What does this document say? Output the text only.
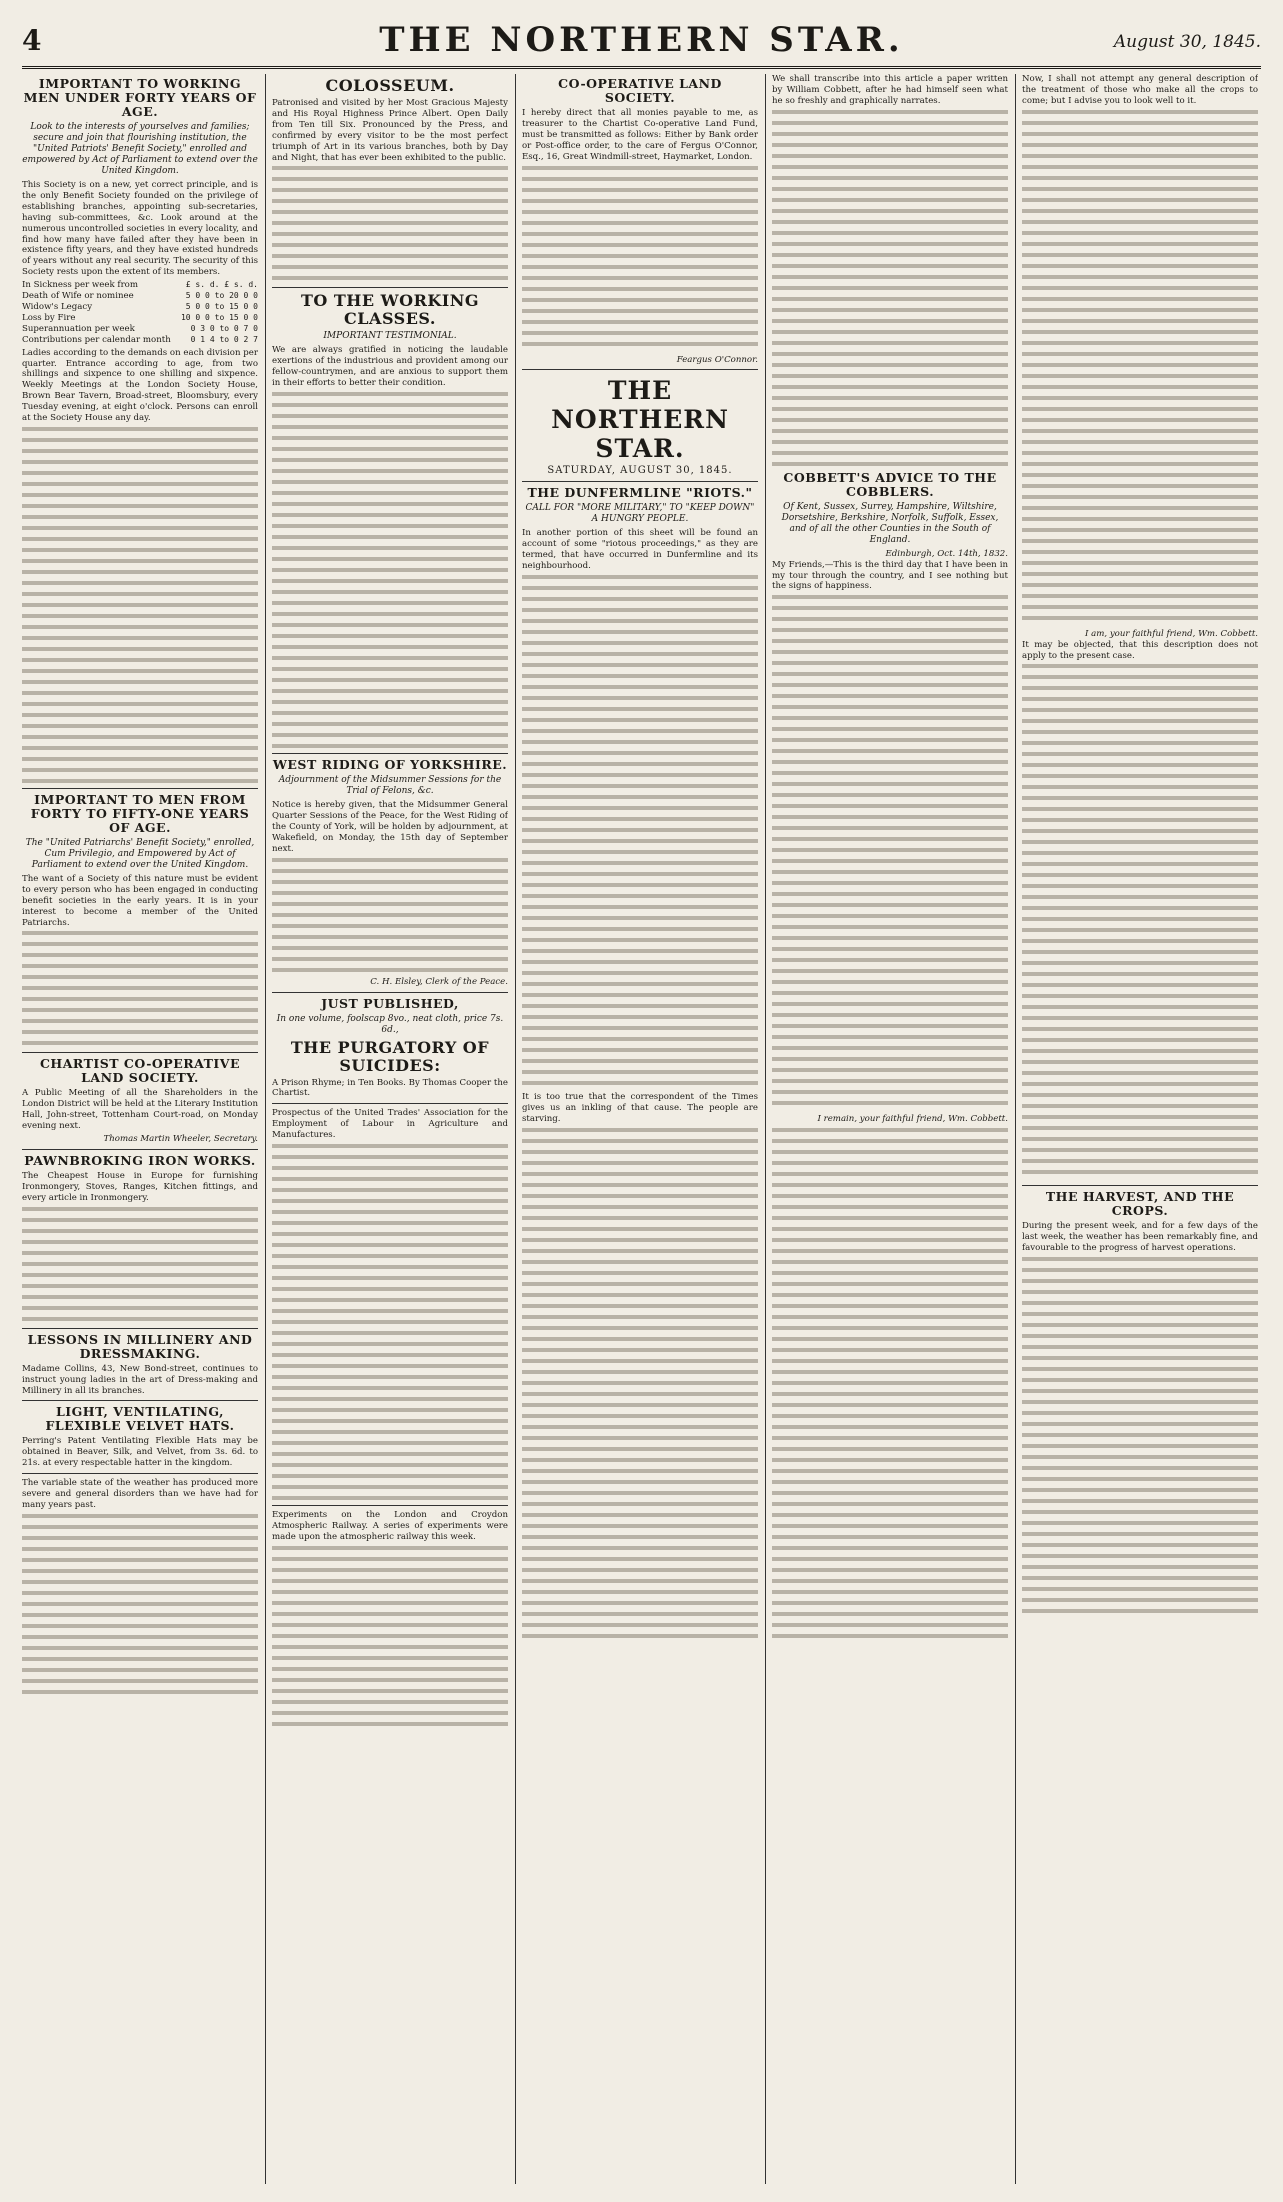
4	THE NORTHERN STAR.	August 30, 1845.
IMPORTANT TO WORKING MEN UNDER FORTY YEARS OF AGE.
Look to the interests of yourselves and families; secure and join that flourishing institution, the "United Patriots' Benefit Society," enrolled and empowered by Act of Parliament to extend over the United Kingdom.
This Society is on a new, yet correct principle, and is the only Benefit Society founded on the privilege of establishing branches, appointing sub-secretaries, having sub-committees, &c. Look around at the numerous uncontrolled societies in every locality, and find how many have failed after they have been in existence fifty years, and they have existed hundreds of years without any real security. The security of this Society rests upon the extent of its members.
In Sickness per week from	£ s. d. £ s. d.
Death of Wife or nominee	5 0 0 to 20 0 0
Widow's Legacy	5 0 0 to 15 0 0
Loss by Fire	10 0 0 to 15 0 0
Superannuation per week	0 3 0 to 0 7 0
Contributions per calendar month	0 1 4 to 0 2 7
Ladies according to the demands on each division per quarter. Entrance according to age, from two shillings and sixpence to one shilling and sixpence. Weekly Meetings at the London Society House, Brown Bear Tavern, Broad-street, Bloomsbury, every Tuesday evening, at eight o'clock. Persons can enroll at the Society House any day.
IMPORTANT TO MEN FROM FORTY TO FIFTY-ONE YEARS OF AGE.
The "United Patriarchs' Benefit Society," enrolled, Cum Privilegio, and Empowered by Act of Parliament to extend over the United Kingdom.
The want of a Society of this nature must be evident to every person who has been engaged in conducting benefit societies in the early years. It is in your interest to become a member of the United Patriarchs.
CHARTIST CO-OPERATIVE LAND SOCIETY.
A Public Meeting of all the Shareholders in the London District will be held at the Literary Institution Hall, John-street, Tottenham Court-road, on Monday evening next.
Thomas Martin Wheeler, Secretary.
PAWNBROKING IRON WORKS.
The Cheapest House in Europe for furnishing Ironmongery, Stoves, Ranges, Kitchen fittings, and every article in Ironmongery.
LESSONS IN MILLINERY AND DRESSMAKING.
Madame Collins, 43, New Bond-street, continues to instruct young ladies in the art of Dress-making and Millinery in all its branches.
LIGHT, VENTILATING, FLEXIBLE VELVET HATS.
Perring's Patent Ventilating Flexible Hats may be obtained in Beaver, Silk, and Velvet, from 3s. 6d. to 21s. at every respectable hatter in the kingdom.
The variable state of the weather has produced more severe and general disorders than we have had for many years past.
COLOSSEUM.
Patronised and visited by her Most Gracious Majesty and His Royal Highness Prince Albert. Open Daily from Ten till Six. Pronounced by the Press, and confirmed by every visitor to be the most perfect triumph of Art in its various branches, both by Day and Night, that has ever been exhibited to the public.
TO THE WORKING CLASSES.
IMPORTANT TESTIMONIAL.
We are always gratified in noticing the laudable exertions of the industrious and provident among our fellow-countrymen, and are anxious to support them in their efforts to better their condition.
WEST RIDING OF YORKSHIRE.
Adjournment of the Midsummer Sessions for the Trial of Felons, &c.
Notice is hereby given, that the Midsummer General Quarter Sessions of the Peace, for the West Riding of the County of York, will be holden by adjournment, at Wakefield, on Monday, the 15th day of September next.
C. H. Elsley, Clerk of the Peace.
JUST PUBLISHED,
In one volume, foolscap 8vo., neat cloth, price 7s. 6d.,
THE PURGATORY OF SUICIDES:
A Prison Rhyme; in Ten Books. By Thomas Cooper the Chartist.
Prospectus of the United Trades' Association for the Employment of Labour in Agriculture and Manufactures.
Experiments on the London and Croydon Atmospheric Railway. A series of experiments were made upon the atmospheric railway this week.
CO-OPERATIVE LAND SOCIETY.
I hereby direct that all monies payable to me, as treasurer to the Chartist Co-operative Land Fund, must be transmitted as follows: Either by Bank order or Post-office order, to the care of Fergus O'Connor, Esq., 16, Great Windmill-street, Haymarket, London.
Feargus O'Connor.
THE NORTHERN STAR.
SATURDAY, AUGUST 30, 1845.
THE DUNFERMLINE "RIOTS."
CALL FOR "MORE MILITARY," TO "KEEP DOWN" A HUNGRY PEOPLE.
In another portion of this sheet will be found an account of some "riotous proceedings," as they are termed, that have occurred in Dunfermline and its neighbourhood.
It is too true that the correspondent of the Times gives us an inkling of that cause. The people are starving.
We shall transcribe into this article a paper written by William Cobbett, after he had himself seen what he so freshly and graphically narrates.
COBBETT'S ADVICE TO THE COBBLERS.
Of Kent, Sussex, Surrey, Hampshire, Wiltshire, Dorsetshire, Berkshire, Norfolk, Suffolk, Essex, and of all the other Counties in the South of England.
Edinburgh, Oct. 14th, 1832.
My Friends,—This is the third day that I have been in my tour through the country, and I see nothing but the signs of happiness.
I remain, your faithful friend, Wm. Cobbett.
Now, I shall not attempt any general description of the treatment of those who make all the crops to come; but I advise you to look well to it.
I am, your faithful friend, Wm. Cobbett.
It may be objected, that this description does not apply to the present case.
THE HARVEST, AND THE CROPS.
During the present week, and for a few days of the last week, the weather has been remarkably fine, and favourable to the progress of harvest operations.
